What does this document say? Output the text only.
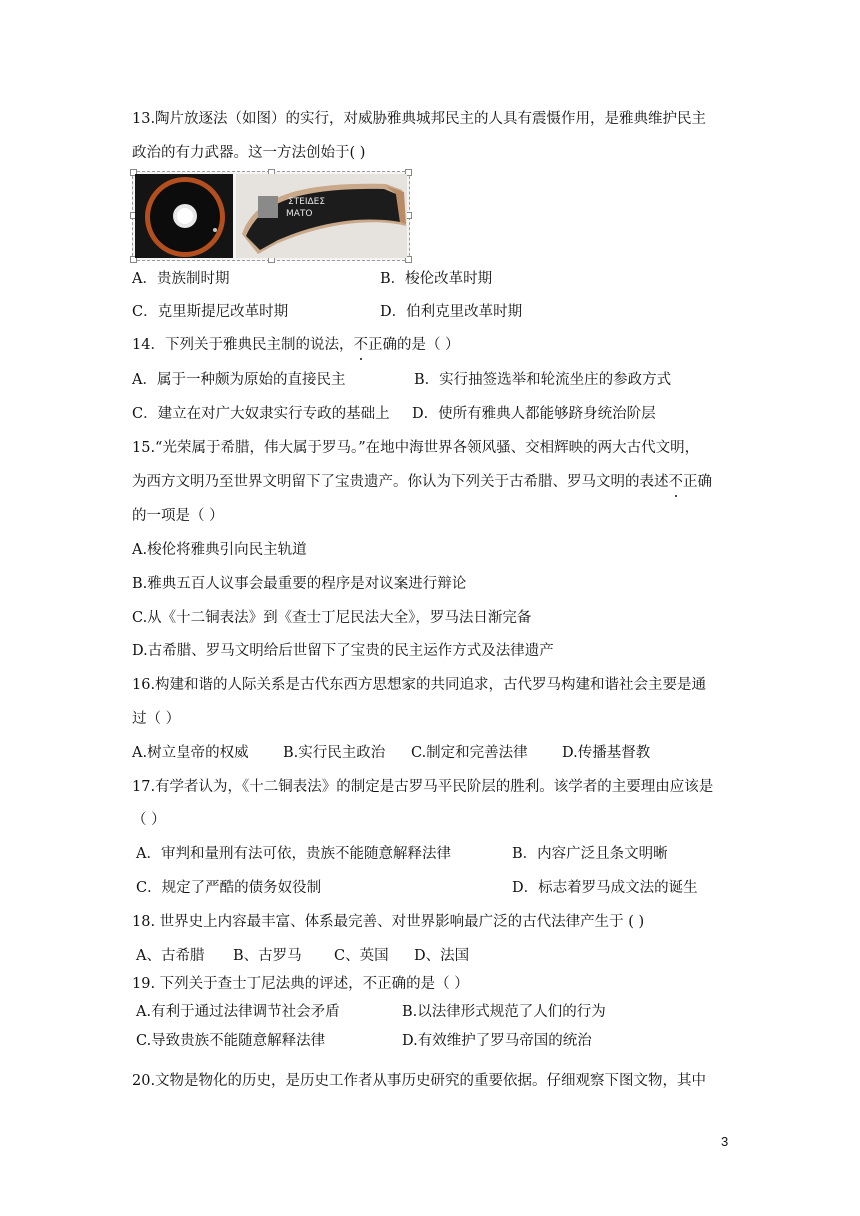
13.陶片放逐法（如图）的实行，对威胁雅典城邦民主的人具有震慑作用，是雅典维护民主
政治的有力武器。这一方法创始于( )
ΣΤΕΙΔΕΣ
ΜΑΤΟ
A．贵族制时期	B．梭伦改革时期
C．克里斯提尼改革时期	D．伯利克里改革时期
14．下列关于雅典民主制的说法，不正确的是（ ）
A．属于一种颇为原始的直接民主	B．实行抽签选举和轮流坐庄的参政方式
C．建立在对广大奴隶实行专政的基础上 D．使所有雅典人都能够跻身统治阶层
15.“光荣属于希腊，伟大属于罗马。”在地中海世界各领风骚、交相辉映的两大古代文明，
为西方文明乃至世界文明留下了宝贵遗产。你认为下列关于古希腊、罗马文明的表述不正确
的一项是（ ）
A.梭伦将雅典引向民主轨道
B.雅典五百人议事会最重要的程序是对议案进行辩论
C.从《十二铜表法》到《查士丁尼民法大全》，罗马法日渐完备
D.古希腊、罗马文明给后世留下了宝贵的民主运作方式及法律遗产
16.构建和谐的人际关系是古代东西方思想家的共同追求，古代罗马构建和谐社会主要是通
过（ ）
A.树立皇帝的权威 B.实行民主政治 C.制定和完善法律 D.传播基督教
17.有学者认为，《十二铜表法》的制定是古罗马平民阶层的胜利。该学者的主要理由应该是
（ ）
A．审判和量刑有法可依，贵族不能随意解释法律	B．内容广泛且条文明晰
C．规定了严酷的债务奴役制	D．标志着罗马成文法的诞生
18. 世界史上内容最丰富、体系最完善、对世界影响最广泛的古代法律产生于 ( )
A、古希腊 B、古罗马 C、英国 D、法国
19. 下列关于查士丁尼法典的评述，不正确的是（ ）
A.有利于通过法律调节社会矛盾	B.以法律形式规范了人们的行为
C.导致贵族不能随意解释法律	D.有效维护了罗马帝国的统治
20.文物是物化的历史，是历史工作者从事历史研究的重要依据。仔细观察下图文物，其中
3
